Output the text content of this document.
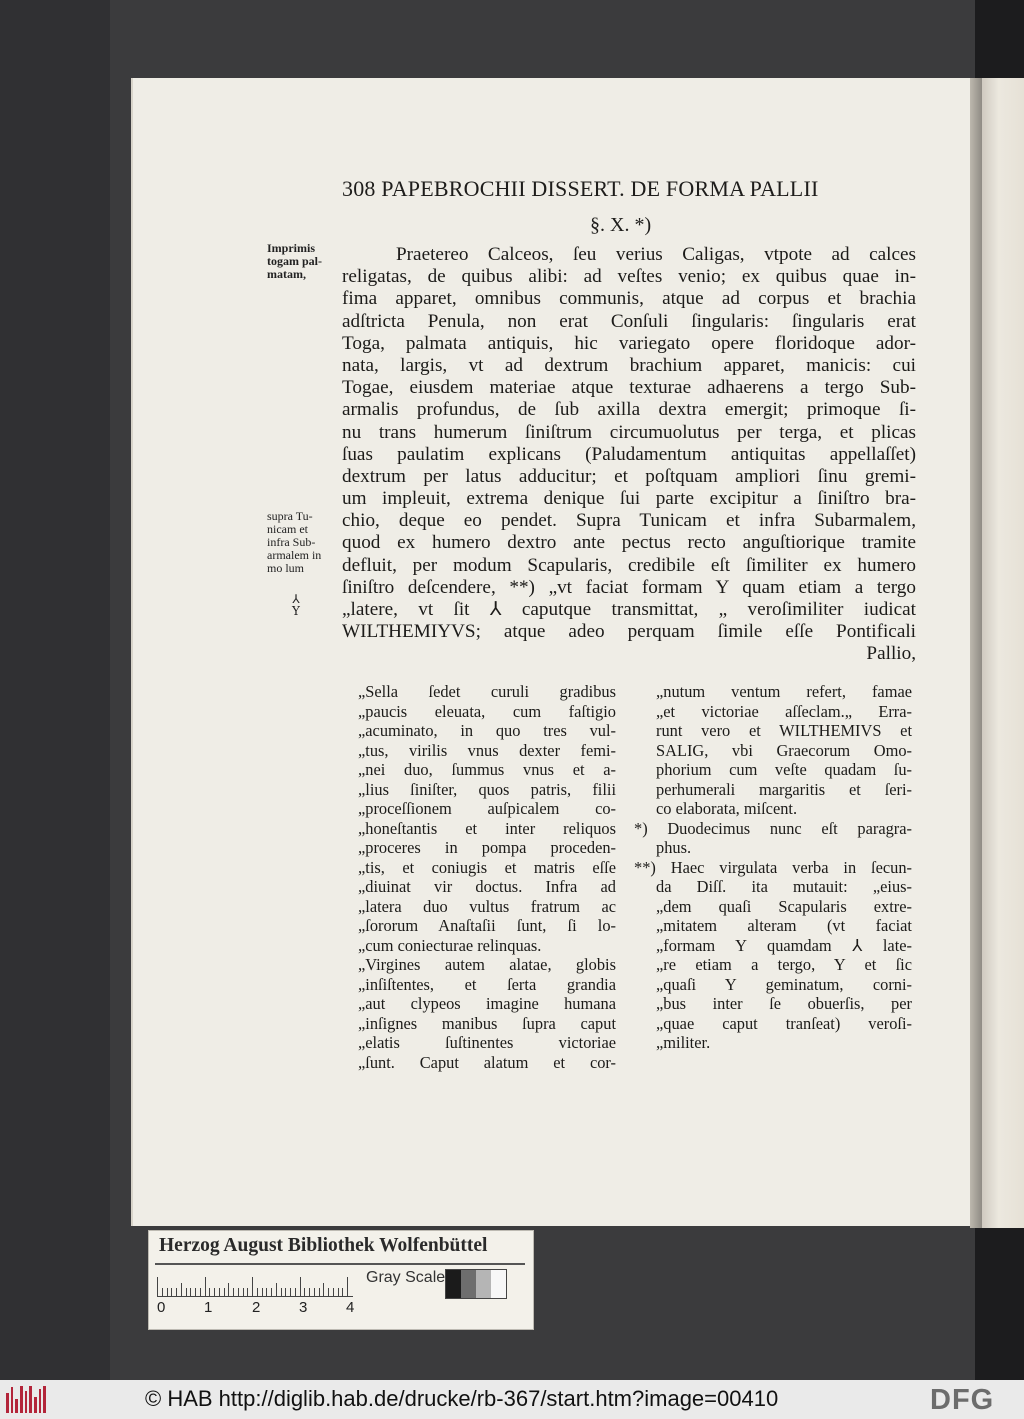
308 PAPEBROCHII DISSERT. DE FORMA PALLII
§. X. *)
Imprimis
togam pal-
matam,
supra Tu-
nicam et
infra Sub-
armalem in
mo lum
⅄
Y
Praetereo Calceos, ſeu verius Caligas, vtpote ad calces
religatas, de quibus alibi: ad veſtes venio; ex quibus quae in-
fima apparet, omnibus communis, atque ad corpus et brachia
adſtricta Penula, non erat Conſuli ſingularis: ſingularis erat
Toga, palmata antiquis, hic variegato opere floridoque ador-
nata, largis, vt ad dextrum brachium apparet, manicis: cui
Togae, eiusdem materiae atque texturae adhaerens a tergo Sub-
armalis profundus, de ſub axilla dextra emergit; primoque ſi-
nu trans humerum ſiniſtrum circumuolutus per terga, et plicas
ſuas paulatim explicans (Paludamentum antiquitas appellaſſet)
dextrum per latus adducitur; et poſtquam ampliori ſinu gremi-
um impleuit, extrema denique ſui parte excipitur a ſiniſtro bra-
chio, deque eo pendet. Supra Tunicam et infra Subarmalem,
quod ex humero dextro ante pectus recto anguſtiorique tramite
defluit, per modum Scapularis, credibile eſt ſimiliter ex humero
ſiniſtro deſcendere, **) „vt faciat formam Y quam etiam a tergo
„latere, vt ſit ⅄ caputque transmittat, „ veroſimiliter iudicat
WILTHEMIYVS; atque adeo perquam ſimile eſſe Pontificali
Pallio,
„Sella ſedet curuli gradibus
„paucis eleuata, cum faſtigio
„acuminato, in quo tres vul-
„tus, virilis vnus dexter femi-
„nei duo, ſummus vnus et a-
„lius ſiniſter, quos patris, filii
„proceſſionem auſpicalem co-
„honeſtantis et inter reliquos
„proceres in pompa proceden-
„tis, et coniugis et matris eſſe
„diuinat vir doctus. Infra ad
„latera duo vultus fratrum ac
„ſororum Anaſtaſii ſunt, ſi lo-
„cum coniecturae relinquas.
„Virgines autem alatae, globis
„inſiſtentes, et ſerta grandia
„aut clypeos imagine humana
„inſignes manibus ſupra caput
„elatis ſuſtinentes victoriae
„ſunt. Caput alatum et cor-
„nutum ventum refert, famae
„et victoriae aſſeclam.„ Erra-
runt vero et WILTHEMIVS et
SALIG, vbi Graecorum Omo-
phorium cum veſte quadam ſu-
perhumerali margaritis et ſeri-
co elaborata, miſcent.
*) Duodecimus nunc eſt paragra-
phus.
**) Haec virgulata verba in ſecun-
da Diſſ. ita mutauit: „eius-
„dem quaſi Scapularis extre-
„mitatem alteram (vt faciat
„formam Y quamdam ⅄ late-
„re etiam a tergo, Y et ſic
„quaſi Y geminatum, corni-
„bus inter ſe obuerſis, per
„quae caput tranſeat) veroſi-
„militer.
Herzog August Bibliothek Wolfenbüttel
0	1	2	3	4
Gray Scale
© HAB http://diglib.hab.de/drucke/rb-367/start.htm?image=00410	DFG
